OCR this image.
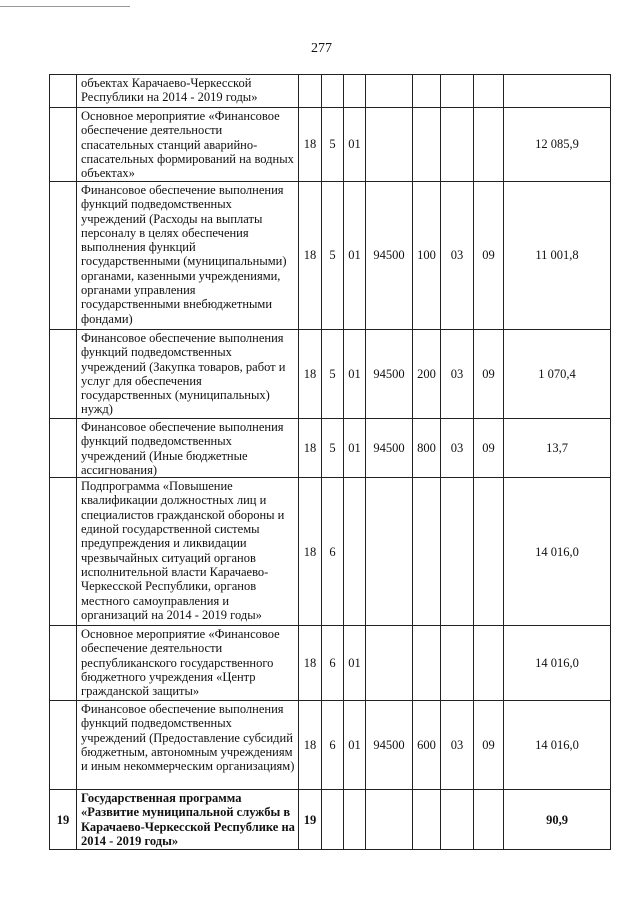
277
	объектах Карачаево-Черкесской Республики на 2014 - 2019 годы»								
	Основное мероприятие «Финансовое обеспечение деятельности спасательных станций аварийно-спасательных формирований на водных объектах»	18	5	01					12 085,9
	Финансовое обеспечение выполнения функций подведомственных учреждений (Расходы на выплаты персоналу в целях обеспечения выполнения функций государственными (муниципальными) органами, казенными учреждениями, органами управления государственными внебюджетными фондами)	18	5	01	94500	100	03	09	11 001,8
	Финансовое обеспечение выполнения функций подведомственных учреждений (Закупка товаров, работ и услуг для обеспечения государственных (муниципальных) нужд)	18	5	01	94500	200	03	09	1 070,4
	Финансовое обеспечение выполнения функций подведомственных учреждений (Иные бюджетные ассигнования)	18	5	01	94500	800	03	09	13,7
	Подпрограмма «Повышение квалификации должностных лиц и специалистов гражданской обороны и единой государственной системы предупреждения и ликвидации чрезвычайных ситуаций органов исполнительной власти Карачаево-Черкесской Республики, органов местного самоуправления и организаций на 2014 - 2019 годы»	18	6						14 016,0
	Основное мероприятие «Финансовое обеспечение деятельности республиканского государственного бюджетного учреждения «Центр гражданской защиты»	18	6	01					14 016,0
	Финансовое обеспечение выполнения функций подведомственных учреждений (Предоставление субсидий бюджетным, автономным учреждениям и иным некоммерческим организациям)	18	6	01	94500	600	03	09	14 016,0
19	Государственная программа «Развитие муниципальной службы в Карачаево-Черкесской Республике на 2014 - 2019 годы»	19							90,9
